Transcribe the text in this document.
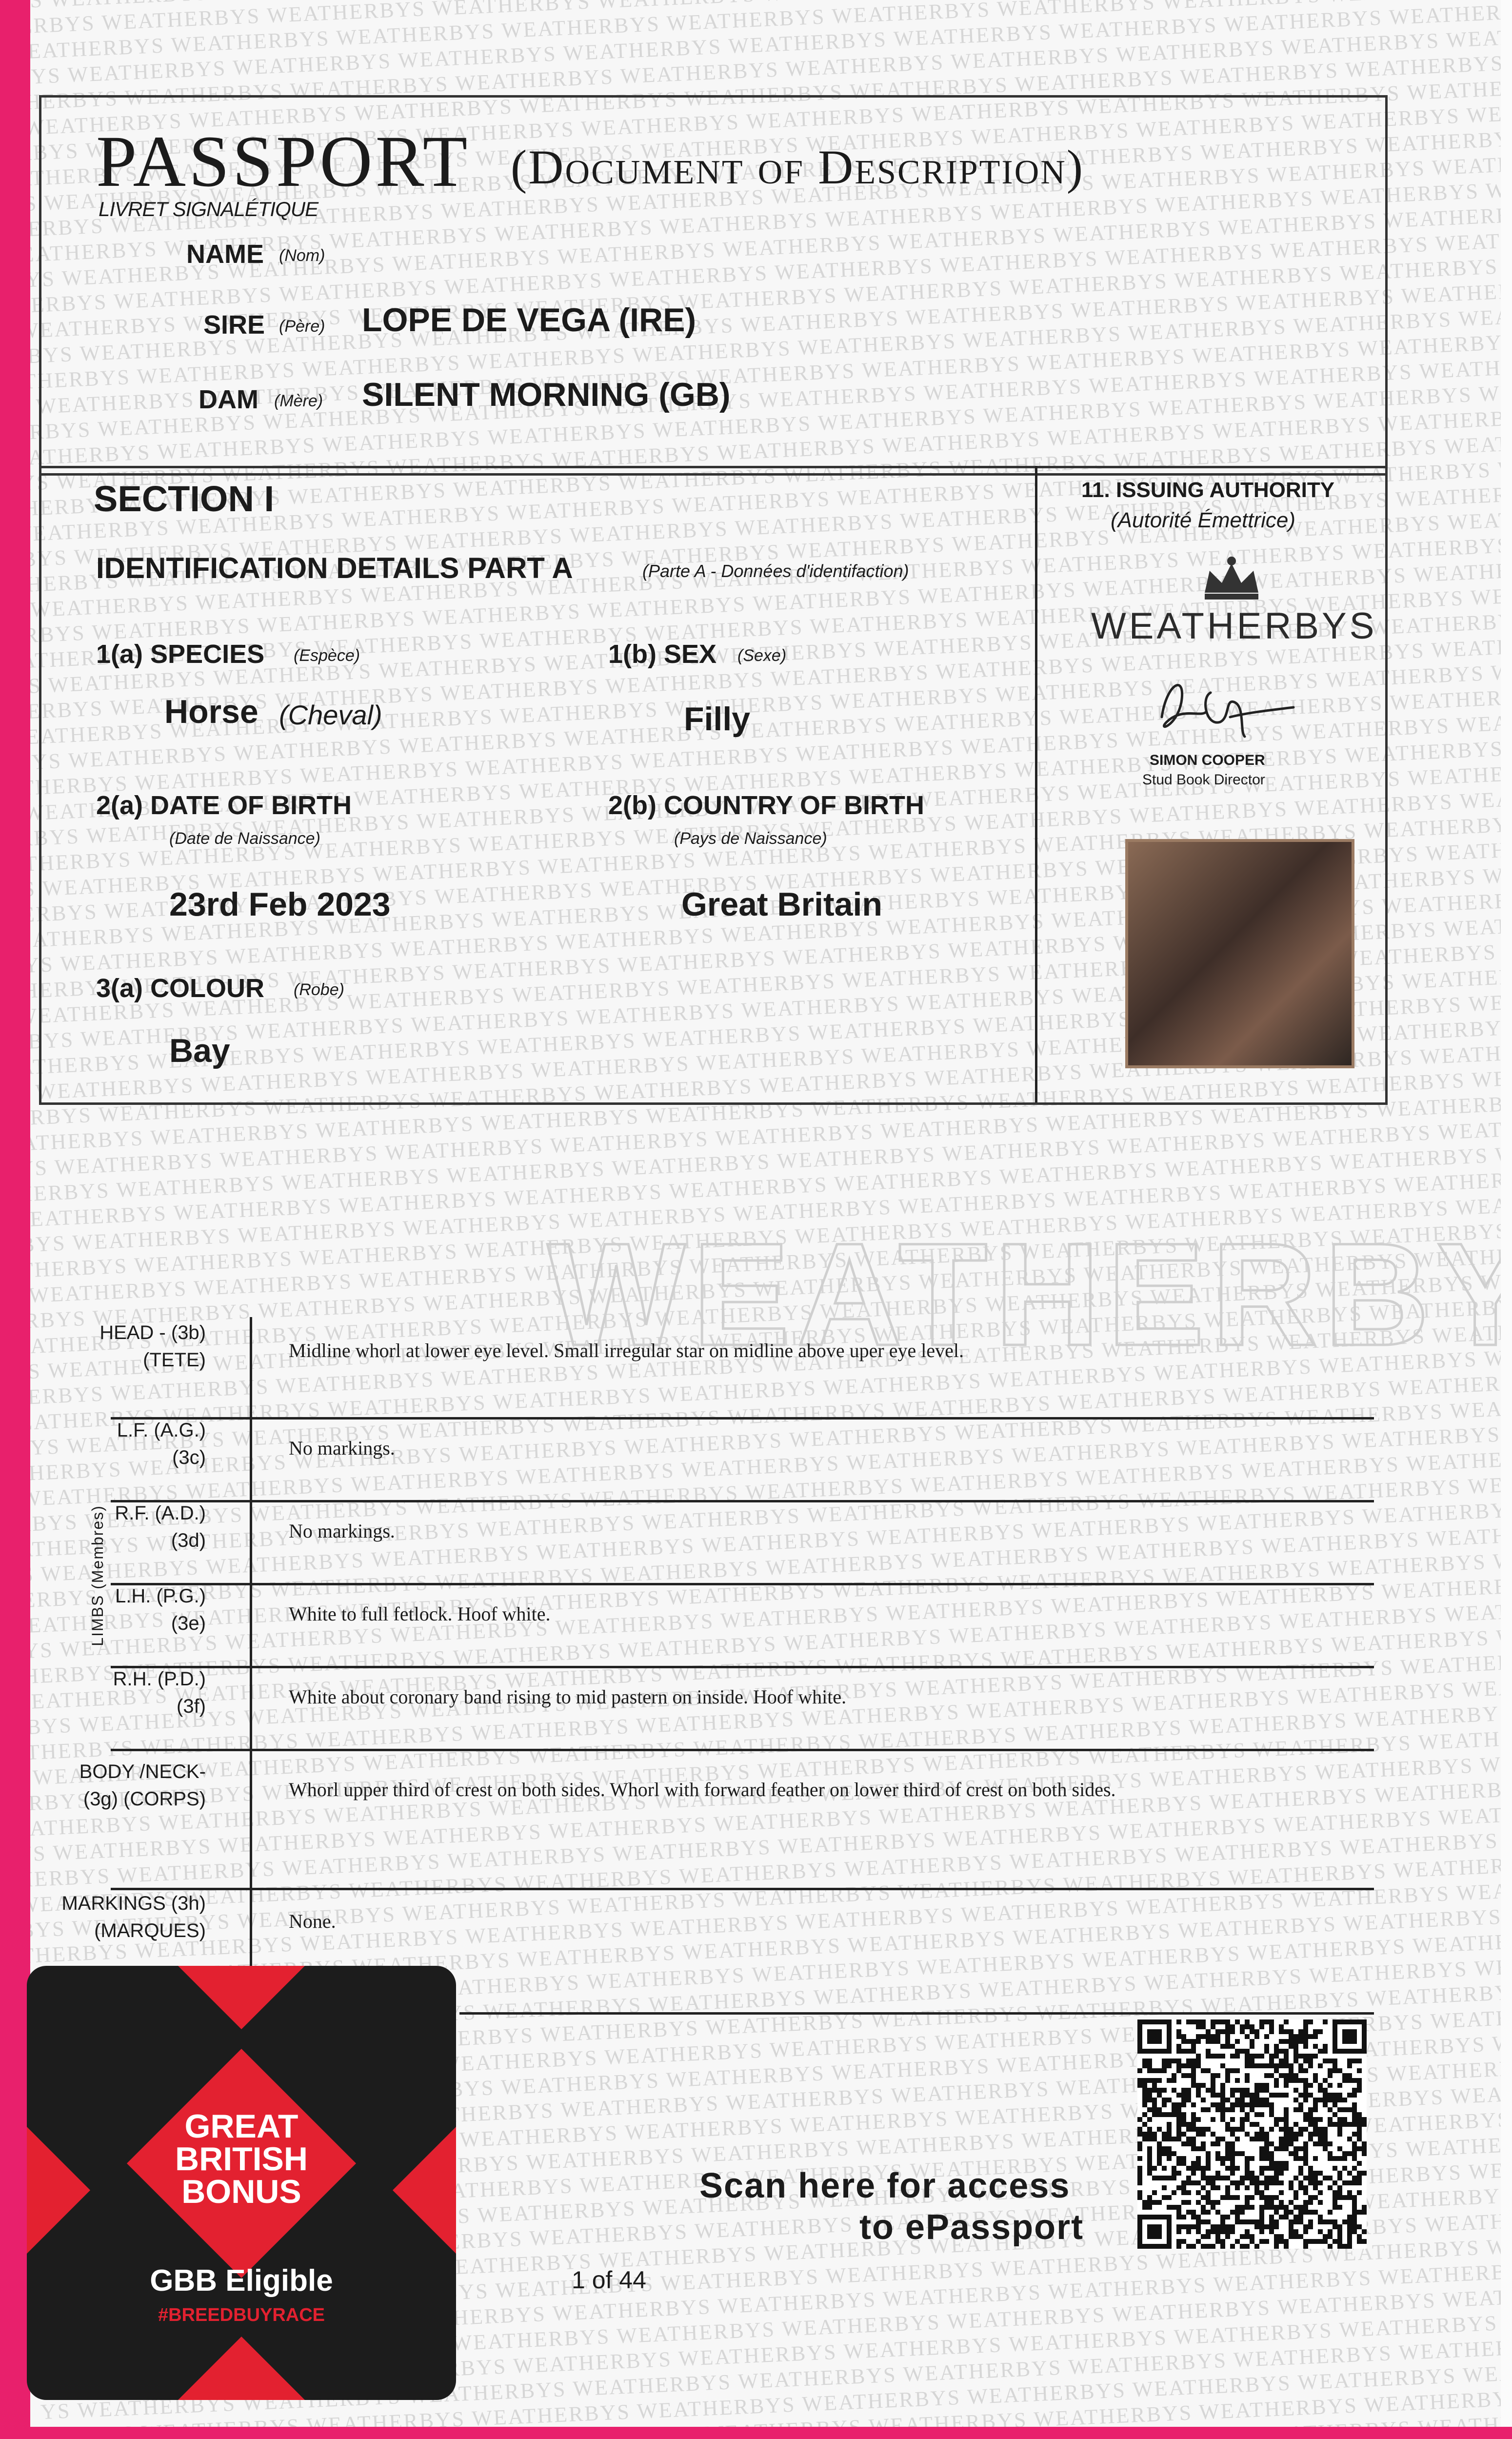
EATHERBYS WEATHERBYS WEATHERBYS WEATHERBYS WEATHERBYS WEATHERBYS WEATHERBYS WEATHERBYS WEATHERBYS WEATHERBYS
WEATHERBYS WEATHERBYS WEATHERBYS WEATHERBYS WEATHERBYS WEATHERBYS WEATHERBYS WEATHERBYS WEATHERBYS WEATHERBYS
HERBYS WEATHERBYS WEATHERBYS WEATHERBYS WEATHERBYS WEATHERBYS WEATHERBYS WEATHERBYS WEATHERBYS WEATHERBYS
WEATHERBYS WEATHERBYS WEATHERBYS WEATHERBYS WEATHERBYS WEATHERBYS WEATHERBYS WEATHERBYS WEATHERBYS WEATHERBYS
WEATHERBYS WEATHERBYS WEATHERBYS WEATHERBYS WEATHERBYS WEATHERBYS WEATHERBYS WEATHERBYS WEATHERBYS WEATHERBYS
THERBYS WEATHERBYS WEATHERBYS WEATHERBYS WEATHERBYS WEATHERBYS WEATHERBYS WEATHERBYS WEATHERBYS WEATHERBYS
WEATHERBYS WEATHERBYS WEATHERBYS WEATHERBYS WEATHERBYS WEATHERBYS WEATHERBYS WEATHERBYS WEATHERBYS WEATHERBYS
WEATHERBYS WEATHERBYS WEATHERBYS WEATHERBYS WEATHERBYS WEATHERBYS WEATHERBYS WEATHERBYS WEATHERBYS
ATHERBYS WEATHERBYS WEATHERBYS WEATHERBYS WEATHERBYS WEATHERBYS WEATHERBYS WEATHERBYS WEATHERBYS WEATHERBYS
WEATHERBYS WEATHERBYS WEATHERBYS WEATHERBYS WEATHERBYS WEATHERBYS WEATHERBYS WEATHERBYS WEATHERBYS WEATHERBYS
WEATHERBYS WEATHERBYS WEATHERBYS WEATHERBYS WEATHERBYS WEATHERBYS WEATHERBYS WEATHERBYS WEATHERBYS
EATHERBYS WEATHERBYS WEATHERBYS WEATHERBYS WEATHERBYS WEATHERBYS WEATHERBYS WEATHERBYS WEATHERBYS WEATHERBYS
WEATHERBYS WEATHERBYS WEATHERBYS WEATHERBYS WEATHERBYS WEATHERBYS WEATHERBYS WEATHERBYS WEATHERBYS WEATHERBYS
HERBYS WEATHERBYS WEATHERBYS WEATHERBYS WEATHERBYS WEATHERBYS WEATHERBYS WEATHERBYS WEATHERBYS WEATHERBYS
WEATHERBYS WEATHERBYS WEATHERBYS WEATHERBYS WEATHERBYS WEATHERBYS WEATHERBYS WEATHERBYS WEATHERBYS WEATHERBYS
WEATHERBYS WEATHERBYS WEATHERBYS WEATHERBYS WEATHERBYS WEATHERBYS WEATHERBYS WEATHERBYS WEATHERBYS WEATHERBYS
THERBYS WEATHERBYS WEATHERBYS WEATHERBYS WEATHERBYS WEATHERBYS WEATHERBYS WEATHERBYS WEATHERBYS WEATHERBYS
WEATHERBYS WEATHERBYS WEATHERBYS WEATHERBYS WEATHERBYS WEATHERBYS WEATHERBYS WEATHERBYS WEATHERBYS WEATHERBYS
WEATHERBYS WEATHERBYS WEATHERBYS WEATHERBYS WEATHERBYS WEATHERBYS WEATHERBYS WEATHERBYS WEATHERBYS
ATHERBYS WEATHERBYS WEATHERBYS WEATHERBYS WEATHERBYS WEATHERBYS WEATHERBYS WEATHERBYS WEATHERBYS WEATHERBYS
WEATHERBYS WEATHERBYS WEATHERBYS WEATHERBYS WEATHERBYS WEATHERBYS WEATHERBYS WEATHERBYS WEATHERBYS WEATHERBYS
ERBYS WEATHERBYS WEATHERBYS WEATHERBYS WEATHERBYS WEATHERBYS WEATHERBYS WEATHERBYS WEATHERBYS WEATHERBYS
EATHERBYS WEATHERBYS WEATHERBYS WEATHERBYS WEATHERBYS WEATHERBYS WEATHERBYS WEATHERBYS WEATHERBYS WEATHERBYS
WEATHERBYS WEATHERBYS WEATHERBYS WEATHERBYS WEATHERBYS WEATHERBYS WEATHERBYS WEATHERBYS WEATHERBYS WEATHERBYS
HERBYS WEATHERBYS WEATHERBYS WEATHERBYS WEATHERBYS WEATHERBYS WEATHERBYS WEATHERBYS WEATHERBYS WEATHERBYS
WEATHERBYS WEATHERBYS WEATHERBYS WEATHERBYS WEATHERBYS WEATHERBYS WEATHERBYS WEATHERBYS WEATHERBYS WEATHERBYS
WEATHERBYS WEATHERBYS WEATHERBYS WEATHERBYS WEATHERBYS WEATHERBYS WEATHERBYS WEATHERBYS WEATHERBYS
THERBYS WEATHERBYS WEATHERBYS WEATHERBYS WEATHERBYS WEATHERBYS WEATHERBYS WEATHERBYS WEATHERBYS WEATHERBYS
WEATHERBYS WEATHERBYS WEATHERBYS WEATHERBYS WEATHERBYS WEATHERBYS WEATHERBYS WEATHERBYS WEATHERBYS WEATHERBYS
RBYS WEATHERBYS WEATHERBYS WEATHERBYS WEATHERBYS WEATHERBYS WEATHERBYS WEATHERBYS WEATHERBYS WEATHERBYS
ATHERBYS WEATHERBYS WEATHERBYS WEATHERBYS WEATHERBYS WEATHERBYS WEATHERBYS WEATHERBYS
WEATHERBYS WEATHERBYS WEATHERBYS WEATHERBYS WEATHERBYS WEATHERBYS WEATHERBYS WEATHERBYS WEATHERBYS
ERBYS WEATHERBYS WEATHERBYS WEATHERBYS WEATHERBYS WEATHERBYS WEATHERBYS WEATHERBYS
EATHERBYS WEATHERBYS WEATHERBYS WEATHERBYS WEATHERBYS WEATHERBYS WEATHERBYS WEATHERBYS WEATHERBYS
WEATHERBYS WEATHERBYS WEATHERBYS WEATHERBYS WEATHERBYS WEATHERBYS WEATHERBYS WEATHERBYS
HERBYS WEATHERBYS WEATHERBYS WEATHERBYS WEATHERBYS WEATHERBYS WEATHERBYS WEATHERBYS
WEATHERBYS WEATHERBYS WEATHERBYS WEATHERBYS WEATHERBYS WEATHERBYS WEATHERBYS WEATHERBYS WEATHERBYS
WEATHERBYS WEATHERBYS WEATHERBYS WEATHERBYS WEATHERBYS WEATHERBYS WEATHERBYS WEATHERBYS
THERBYS WEATHERBYS WEATHERBYS WEATHERBYS WEATHERBYS WEATHERBYS WEATHERBYS WEATHERBYS
WEATHERBYS WEATHERBYS WEATHERBYS WEATHERBYS WEATHERBYS WEATHERBYS WEATHERBYS WEATHERBYS WEATHERBYS WEATHERBYS
RBYS WEATHERBYS WEATHERBYS WEATHERBYS WEATHERBYS WEATHERBYS WEATHERBYS WEATHERBYS WEATHERBYS WEATHERBYS
ATHERBYS WEATHERBYS WEATHERBYS WEATHERBYS WEATHERBYS WEATHERBYS WEATHERBYS WEATHERBYS WEATHERBYS WEATHERBYS
WEATHERBYS WEATHERBYS WEATHERBYS WEATHERBYS WEATHERBYS WEATHERBYS WEATHERBYS WEATHERBYS WEATHERBYS WEATHERBYS
ERBYS WEATHERBYS WEATHERBYS WEATHERBYS WEATHERBYS WEATHERBYS WEATHERBYS WEATHERBYS WEATHERBYS WEATHERBYS
EATHERBYS WEATHERBYS WEATHERBYS WEATHERBYS WEATHERBYS WEATHERBYS WEATHERBYS WEATHERBYS WEATHERBYS WEATHERBYS
WEATHERBYS WEATHERBYS WEATHERBYS WEATHERBYS WEATHERBYS WEATHERBYS WEATHERBYS WEATHERBYS WEATHERBYS
HERBYS WEATHERBYS WEATHERBYS WEATHERBYS WEATHERBYS WEATHERBYS WEATHERBYS WEATHERBYS WEATHERBYS WEATHERBYS
WEATHERBYS WEATHERBYS WEATHERBYS WEATHERBYS WEATHERBYS WEATHERBYS WEATHERBYS WEATHERBYS WEATHERBYS WEATHERBYS
BYS WEATHERBYS WEATHERBYS WEATHERBYS WEATHERBYS WEATHERBYS WEATHERBYS WEATHERBYS WEATHERBYS WEATHERBYS
THERBYS WEATHERBYS WEATHERBYS WEATHERBYS WEATHERBYS WEATHERBYS WEATHERBYS WEATHERBYS WEATHERBYS WEATHERBYS
WEATHERBYS WEATHERBYS WEATHERBYS WEATHERBYS WEATHERBYS WEATHERBYS WEATHERBYS WEATHERBYS WEATHERBYS WEATHERBYS
RBYS WEATHERBYS WEATHERBYS WEATHERBYS WEATHERBYS WEATHERBYS WEATHERBYS WEATHERBYS WEATHERBYS WEATHERBYS
ATHERBYS WEATHERBYS WEATHERBYS WEATHERBYS WEATHERBYS WEATHERBYS WEATHERBYS WEATHERBYS WEATHERBYS WEATHERBYS
WEATHERBYS WEATHERBYS WEATHERBYS WEATHERBYS WEATHERBYS WEATHERBYS WEATHERBYS WEATHERBYS WEATHERBYS
ERBYS WEATHERBYS WEATHERBYS WEATHERBYS WEATHERBYS WEATHERBYS WEATHERBYS WEATHERBYS WEATHERBYS WEATHERBYS
EATHERBYS WEATHERBYS WEATHERBYS WEATHERBYS WEATHERBYS WEATHERBYS WEATHERBYS WEATHERBYS WEATHERBYS WEATHERBYS
YS WEATHERBYS WEATHERBYS WEATHERBYS WEATHERBYS WEATHERBYS WEATHERBYS WEATHERBYS WEATHERBYS WEATHERBYS
HERBYS WEATHERBYS WEATHERBYS WEATHERBYS WEATHERBYS WEATHERBYS WEATHERBYS WEATHERBYS WEATHERBYS WEATHERBYS
WEATHERBYS WEATHERBYS WEATHERBYS WEATHERBYS WEATHERBYS WEATHERBYS WEATHERBYS WEATHERBYS WEATHERBYS WEATHERBYS
BYS WEATHERBYS WEATHERBYS WEATHERBYS WEATHERBYS WEATHERBYS WEATHERBYS WEATHERBYS WEATHERBYS WEATHERBYS
THERBYS WEATHERBYS WEATHERBYS WEATHERBYS WEATHERBYS WEATHERBYS WEATHERBYS WEATHERBYS WEATHERBYS WEATHERBYS
WEATHERBYS WEATHERBYS WEATHERBYS WEATHERBYS WEATHERBYS WEATHERBYS WEATHERBYS WEATHERBYS WEATHERBYS WEATHERBYS
RBYS WEATHERBYS WEATHERBYS WEATHERBYS WEATHERBYS WEATHERBYS WEATHERBYS WEATHERBYS WEATHERBYS WEATHERBYS
ATHERBYS WEATHERBYS WEATHERBYS WEATHERBYS WEATHERBYS WEATHERBYS WEATHERBYS WEATHERBYS WEATHERBYS WEATHERBYS
WEATHERBYS WEATHERBYS WEATHERBYS WEATHERBYS WEATHERBYS WEATHERBYS WEATHERBYS WEATHERBYS WEATHERBYS
ERBYS WEATHERBYS WEATHERBYS WEATHERBYS WEATHERBYS WEATHERBYS WEATHERBYS WEATHERBYS WEATHERBYS WEATHERBYS
EATHERBYS WEATHERBYS WEATHERBYS WEATHERBYS WEATHERBYS WEATHERBYS WEATHERBYS WEATHERBYS WEATHERBYS WEATHERBYS
YS WEATHERBYS WEATHERBYS WEATHERBYS WEATHERBYS WEATHERBYS WEATHERBYS WEATHERBYS WEATHERBYS WEATHERBYS
HERBYS WEATHERBYS WEATHERBYS WEATHERBYS WEATHERBYS WEATHERBYS WEATHERBYS WEATHERBYS WEATHERBYS WEATHERBYS
WEATHERBYS WEATHERBYS WEATHERBYS WEATHERBYS WEATHERBYS WEATHERBYS WEATHERBYS WEATHERBYS WEATHERBYS
BYS WEATHERBYS WEATHERBYS WEATHERBYS WEATHERBYS WEATHERBYS WEATHERBYS WEATHERBYS WEATHERBYS WEATHERBYS
THERBYS WEATHERBYS WEATHERBYS WEATHERBYS WEATHERBYS WEATHERBYS WEATHERBYS WEATHERBYS WEATHERBYS WEATHERBYS
WEATHERBYS WEATHERBYS WEATHERBYS WEATHERBYS WEATHERBYS WEATHERBYS WEATHERBYS
WEATHERBYS WEATHERBYS WEATHERBYS WEATHERBYS WEATHERBYS WEATHERBYS WEATHERBYS
WEATHERBYS WEATHERBYS WEATHERBYS WEATHERBYS WEATHERBYS WEATHERBYS WEATHERBYS
WEATHERBYS WEATHERBYS WEATHERBYS WEATHERBYS WEATHERBYS WEATHERBYS
WEATHERBYS WEATHERBYS WEATHERBYS WEATHERBYS WEATHERBYS
WEATHERBYS WEATHERBYS WEATHERBYS WEATHERBYS WEATHERBYS WEATHERBYS
WEATHERBYS WEATHERBYS WEATHERBYS WEATHERBYS WEATHERBYS WEATHERBYS
WEATHERBYS WEATHERBYS WEATHERBYS WEATHERBYS WEATHERBYS
WEATHERBYS WEATHERBYS WEATHERBYS WEATHERBYS WEATHERBYS
WEATHERBYS WEATHERBYS WEATHERBYS WEATHERBYS WEATHERBYS
WEATHERBYS WEATHERBYS WEATHERBYS WEATHERBYS WEATHERBYS WEATHERBYS
WEATHERBYS WEATHERBYS WEATHERBYS WEATHERBYS WEATHERBYS
WEATHERBYS WEATHERBYS WEATHERBYS WEATHERBYS WEATHERBYS
WEATHERBYS WEATHERBYS WEATHERBYS WEATHERBYS WEATHERBYS WEATHERBYS WEATHERBYS
WEATHERBYS WEATHERBYS WEATHERBYS WEATHERBYS WEATHERBYS WEATHERBYS WEATHERBYS
WEATHERBYS WEATHERBYS WEATHERBYS WEATHERBYS WEATHERBYS WEATHERBYS WEATHERBYS
WEATHERBYS WEATHERBYS WEATHERBYS WEATHERBYS WEATHERBYS WEATHERBYS
YS WEATHERBYS WEATHERBYS WEATHERBYS WEATHERBYS WEATHERBYS WEATHERBYS WEATHERBYS WEATHERBYS
WEATHERBYS WEATHERBYS WEATHERBYS WEATHERBYS WEATHERBYS WEATHERBYS WEATHERBYS WEATHERBYS
WEATHERBYS WEATHERBYS WEATHERBYS WEATHERBYS
WEATHERBYS
PASSPORT (Document of Description)
LIVRET SIGNALÉTIQUE
NAME (Nom)
SIRE (Père) LOPE DE VEGA (IRE)
DAM (Mère) SILENT MORNING (GB)
SECTION I
IDENTIFICATION DETAILS PART A	(Parte A - Données d'identifaction)
1(a) SPECIES (Espèce)
Horse (Cheval)
1(b) SEX (Sexe)
Filly
2(a) DATE OF BIRTH
(Date de Naissance)
23rd Feb 2023
2(b) COUNTRY OF BIRTH
(Pays de Naissance)
Great Britain
3(a) COLOUR (Robe)
Bay
11. ISSUING AUTHORITY
(Autorité Émettrice)
WEATHERBYS
SIMON COOPER
Stud Book Director
WEATHERBY
LIMBS (Membres)
HEAD - (3b)
(TETE)	Midline whorl at lower eye level. Small irregular star on midline above uper eye level.
L.F. (A.G.)
(3c)	No markings.
R.F. (A.D.)
(3d)	No markings.
L.H. (P.G.)
(3e)	White to full fetlock. Hoof white.
R.H. (P.D.)
(3f)	White about coronary band rising to mid pastern on inside. Hoof white.
BODY /NECK-
(3g) (CORPS)	Whorl upper third of crest on both sides. Whorl with forward feather on lower third of crest on both sides.
MARKINGS (3h)
(MARQUES)	None.
Scan here for access
to ePassport
1 of 44
GREAT
BRITISH
BONUS
GBB Eligible
#BREEDBUYRACE
